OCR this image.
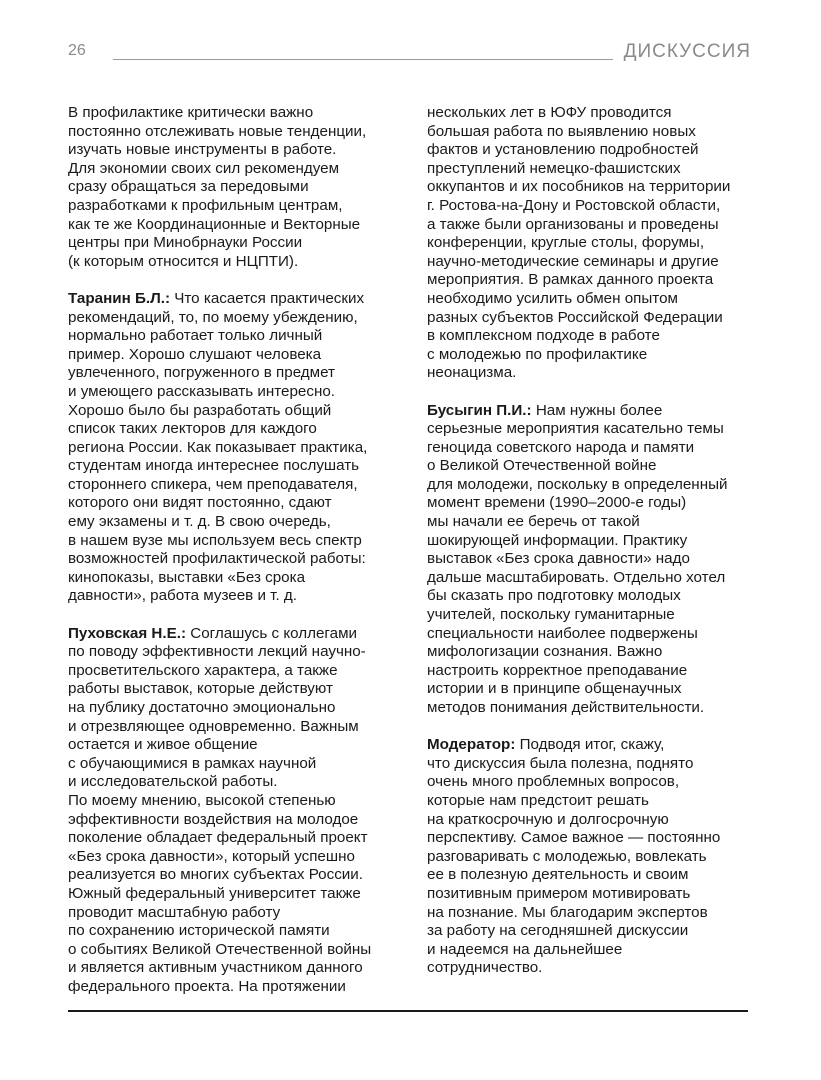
26	ДИСКУССИЯ

В профилактике критически важно
постоянно отслеживать новые тенденции,
изучать новые инструменты в работе.
Для экономии своих сил рекомендуем
сразу обращаться за передовыми
разработками к профильным центрам,
как те же Координационные и Векторные
центры при Минобрнауки России
(к которым относится и НЦПТИ).

Таранин Б.Л.: Что касается практических
рекомендаций, то, по моему убеждению,
нормально работает только личный
пример. Хорошо слушают человека
увлеченного, погруженного в предмет
и умеющего рассказывать интересно.
Хорошо было бы разработать общий
список таких лекторов для каждого
региона России. Как показывает практика,
студентам иногда интереснее послушать
стороннего спикера, чем преподавателя,
которого они видят постоянно, сдают
ему экзамены и т. д. В свою очередь,
в нашем вузе мы используем весь спектр
возможностей профилактической работы:
кинопоказы, выставки «Без срока
давности», работа музеев и т. д.

Пуховская Н.Е.: Соглашусь с коллегами
по поводу эффективности лекций научно-
просветительского характера, а также
работы выставок, которые действуют
на публику достаточно эмоционально
и отрезвляющее одновременно. Важным
остается и живое общение
с обучающимися в рамках научной
и исследовательской работы.
По моему мнению, высокой степенью
эффективности воздействия на молодое
поколение обладает федеральный проект
«Без срока давности», который успешно
реализуется во многих субъектах России.
Южный федеральный университет также
проводит масштабную работу
по сохранению исторической памяти
о событиях Великой Отечественной войны
и является активным участником данного
федерального проекта. На протяжении

нескольких лет в ЮФУ проводится
большая работа по выявлению новых
фактов и установлению подробностей
преступлений немецко-фашистских
оккупантов и их пособников на территории
г. Ростова-на-Дону и Ростовской области,
а также были организованы и проведены
конференции, круглые столы, форумы,
научно-методические семинары и другие
мероприятия. В рамках данного проекта
необходимо усилить обмен опытом
разных субъектов Российской Федерации
в комплексном подходе в работе
с молодежью по профилактике
неонацизма.

Бусыгин П.И.: Нам нужны более
серьезные мероприятия касательно темы
геноцида советского народа и памяти
о Великой Отечественной войне
для молодежи, поскольку в определенный
момент времени (1990–2000-е годы)
мы начали ее беречь от такой
шокирующей информации. Практику
выставок «Без срока давности» надо
дальше масштабировать. Отдельно хотел
бы сказать про подготовку молодых
учителей, поскольку гуманитарные
специальности наиболее подвержены
мифологизации сознания. Важно
настроить корректное преподавание
истории и в принципе общенаучных
методов понимания действительности.

Модератор: Подводя итог, скажу,
что дискуссия была полезна, поднято
очень много проблемных вопросов,
которые нам предстоит решать
на краткосрочную и долгосрочную
перспективу. Самое важное — постоянно
разговаривать с молодежью, вовлекать
ее в полезную деятельность и своим
позитивным примером мотивировать
на познание. Мы благодарим экспертов
за работу на сегодняшней дискуссии
и надеемся на дальнейшее
сотрудничество.
